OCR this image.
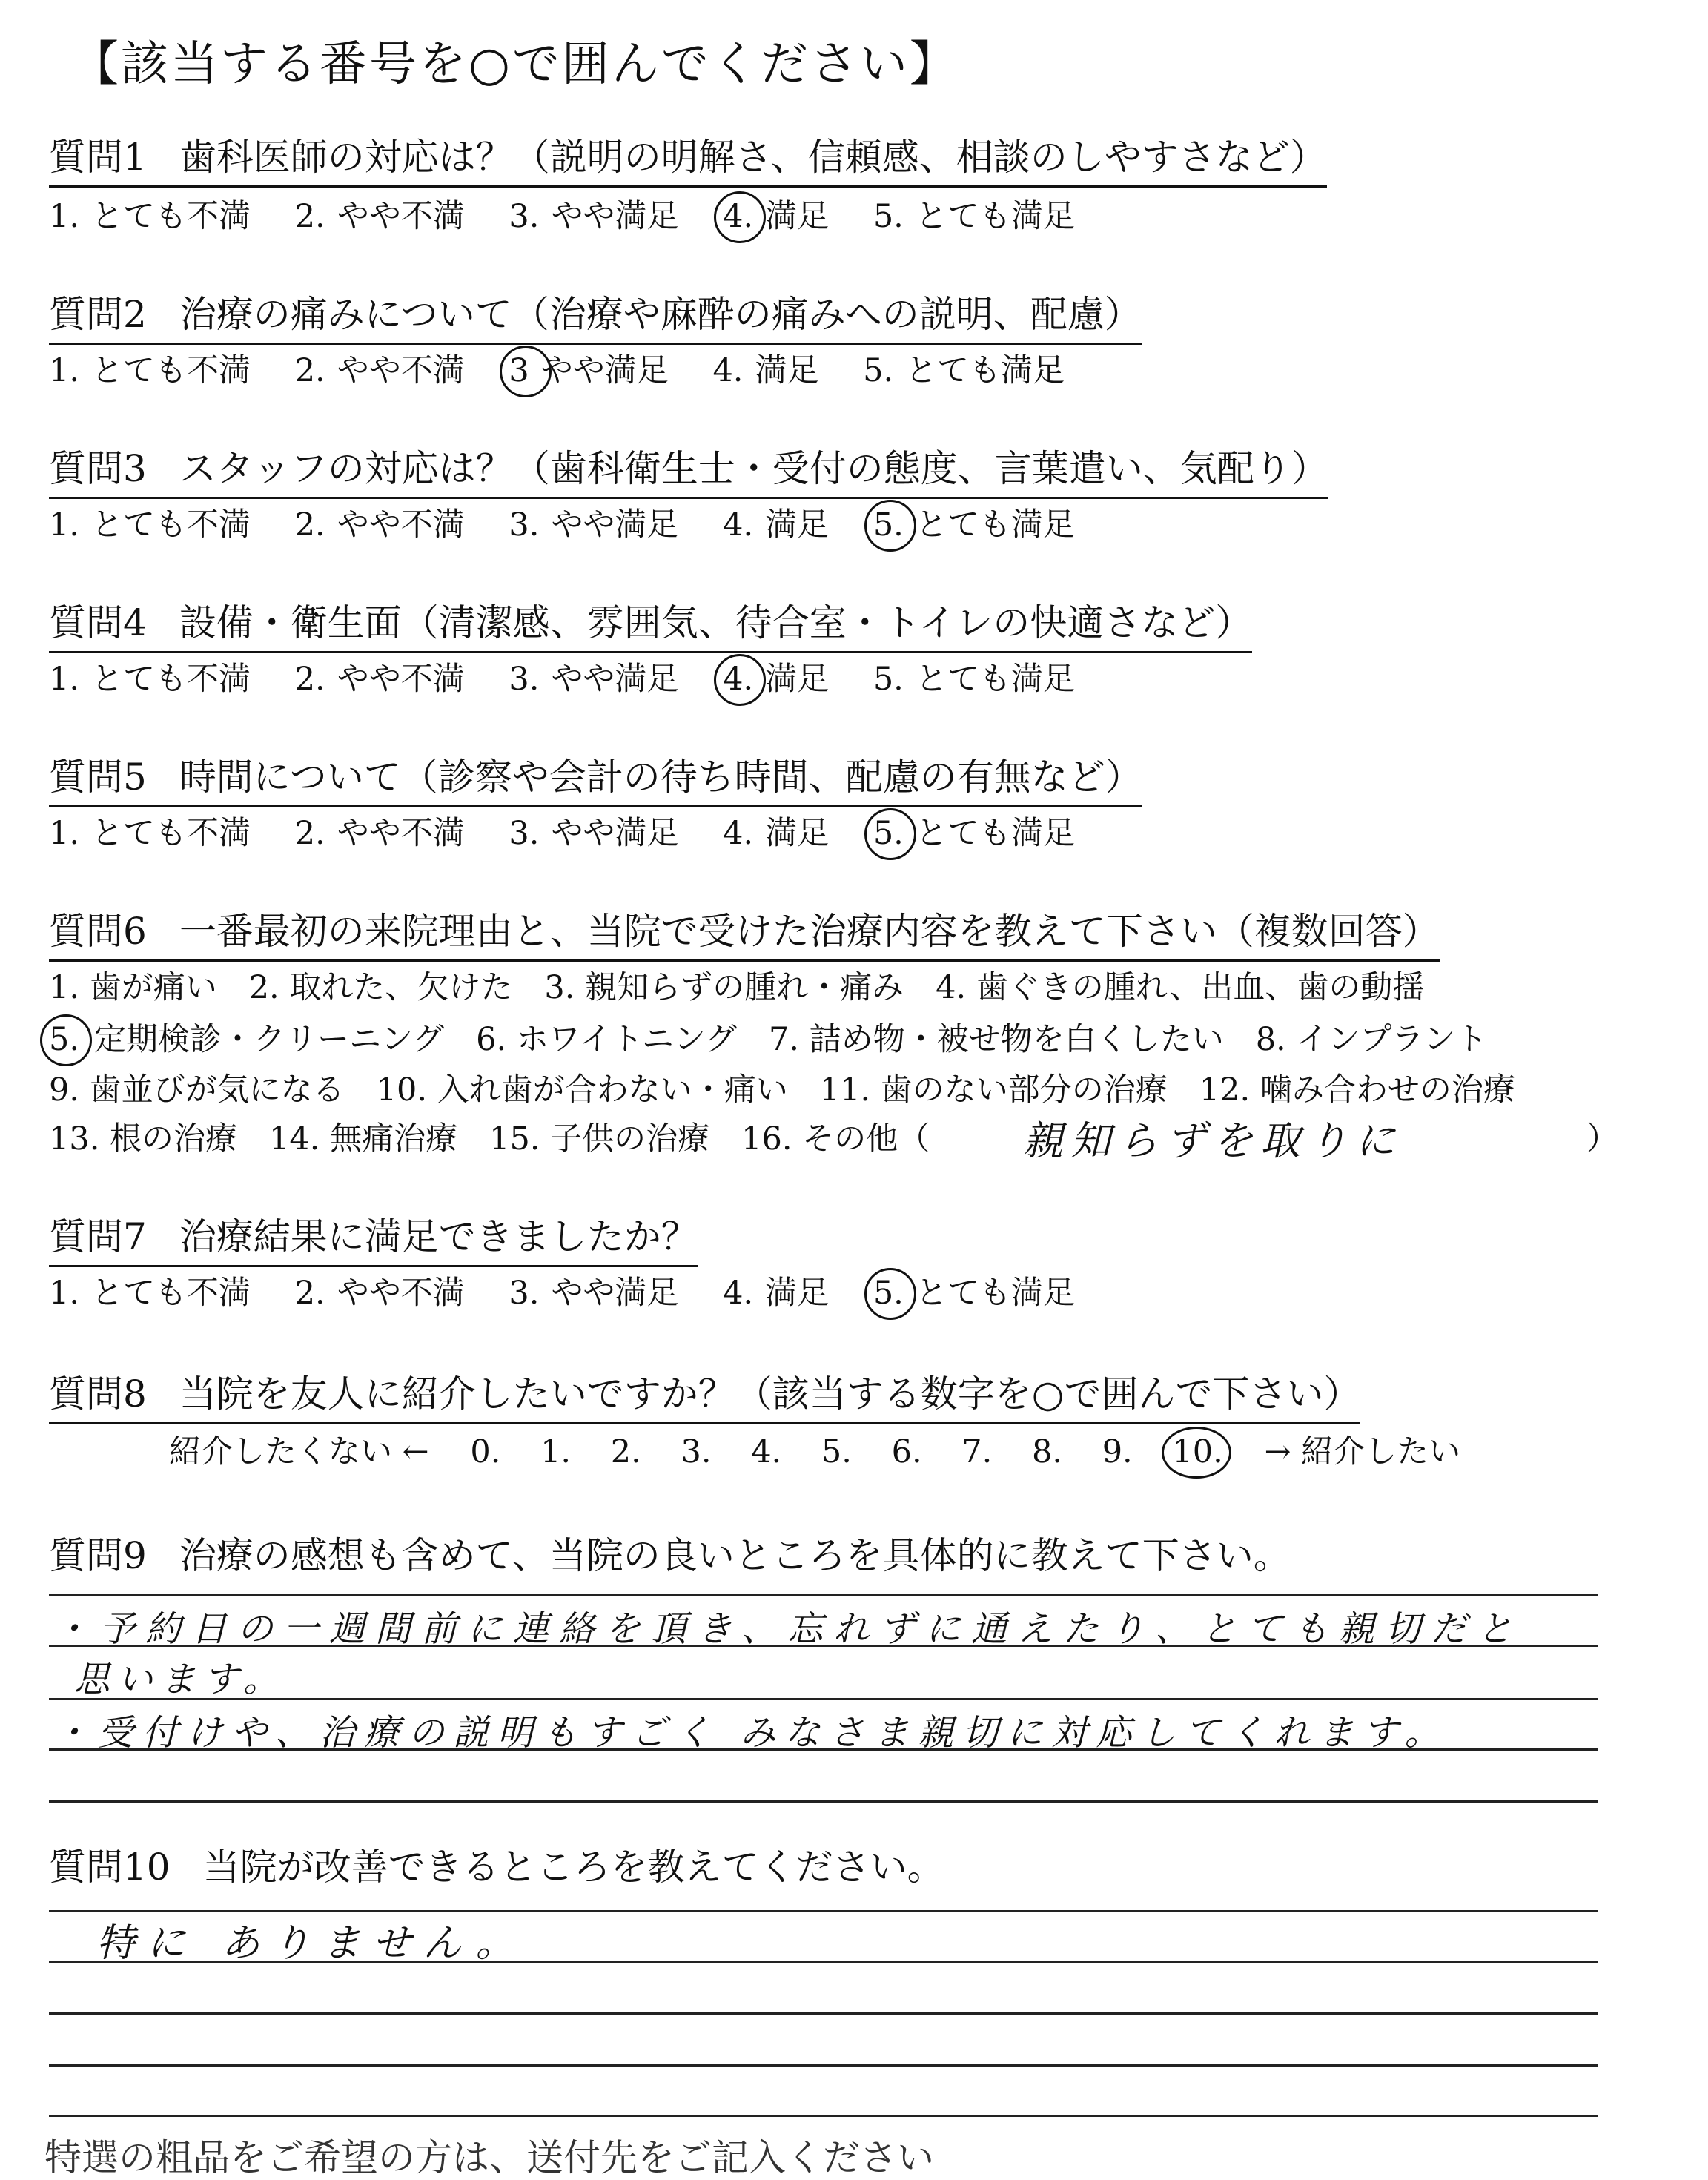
【該当する番号を○で囲んでください】
質問1 歯科医師の対応は？（説明の明解さ、信頼感、相談のしやすさなど）
1. とても不満 2. やや不満 3. やや満足 4. 満足 5. とても満足
質問2 治療の痛みについて（治療や麻酔の痛みへの説明、配慮）
1. とても不満 2. やや不満 3 やや満足 4. 満足 5. とても満足
質問3 スタッフの対応は？（歯科衛生士・受付の態度、言葉遣い、気配り）
1. とても不満 2. やや不満 3. やや満足 4. 満足 5. とても満足
質問4 設備・衛生面（清潔感、雰囲気、待合室・トイレの快適さなど）
1. とても不満 2. やや不満 3. やや満足 4. 満足 5. とても満足
質問5 時間について（診察や会計の待ち時間、配慮の有無など）
1. とても不満 2. やや不満 3. やや満足 4. 満足 5. とても満足
質問6 一番最初の来院理由と、当院で受けた治療内容を教えて下さい（複数回答）
1. 歯が痛い　2. 取れた、欠けた　3. 親知らずの腫れ・痛み　4. 歯ぐきの腫れ、出血、歯の動揺
5. 定期検診・クリーニング　6. ホワイトニング　7. 詰め物・被せ物を白くしたい　8. インプラント
9. 歯並びが気になる　10. 入れ歯が合わない・痛い　11. 歯のない部分の治療　12. 噛み合わせの治療
13. 根の治療　14. 無痛治療　15. 子供の治療　16. その他（ 親知らずを取りに	）
質問7 治療結果に満足できましたか？
1. とても不満 2. やや不満 3. やや満足 4. 満足 5. とても満足
質問8 当院を友人に紹介したいですか？（該当する数字を○で囲んで下さい）
紹介したくない ← 0. 1. 2. 3. 4. 5. 6. 7. 8. 9. 10. → 紹介したい
質問9 治療の感想も含めて、当院の良いところを具体的に教えて下さい。
・予約日の一週間前に連絡を頂き、忘れずに通えたり、とても親切だと
思います。
・受付けや、治療の説明もすごく みなさま親切に対応してくれます。
質問10 当院が改善できるところを教えてください。
特に ありません。
特選の粗品をご希望の方は、送付先をご記入ください
